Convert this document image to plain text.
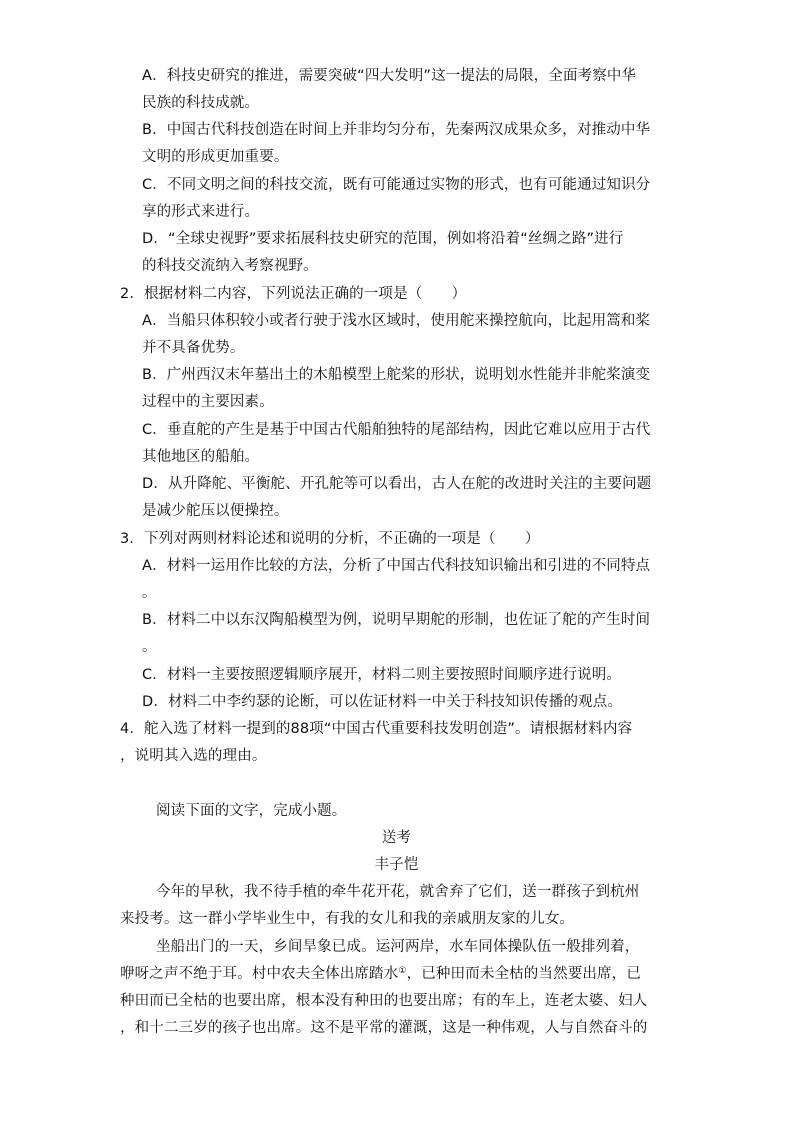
A．科技史研究的推进，需要突破“四大发明”这一提法的局限，全面考察中华
民族的科技成就。
B．中国古代科技创造在时间上并非均匀分布，先秦两汉成果众多，对推动中华
文明的形成更加重要。
C．不同文明之间的科技交流，既有可能通过实物的形式，也有可能通过知识分
享的形式来进行。
D．“全球史视野”要求拓展科技史研究的范围，例如将沿着“丝绸之路”进行
的科技交流纳入考察视野。
2．根据材料二内容，下列说法正确的一项是（　　）
A．当船只体积较小或者行驶于浅水区域时，使用舵来操控航向，比起用篙和桨
并不具备优势。
B．广州西汉末年墓出土的木船模型上舵桨的形状，说明划水性能并非舵桨演变
过程中的主要因素。
C．垂直舵的产生是基于中国古代船舶独特的尾部结构，因此它难以应用于古代
其他地区的船舶。
D．从升降舵、平衡舵、开孔舵等可以看出，古人在舵的改进时关注的主要问题
是减少舵压以便操控。
3．下列对两则材料论述和说明的分析，不正确的一项是（　　）
A．材料一运用作比较的方法，分析了中国古代科技知识输出和引进的不同特点
。
B．材料二中以东汉陶船模型为例，说明早期舵的形制，也佐证了舵的产生时间
。
C．材料一主要按照逻辑顺序展开，材料二则主要按照时间顺序进行说明。
D．材料二中李约瑟的论断，可以佐证材料一中关于科技知识传播的观点。
4．舵入选了材料一提到的88项“中国古代重要科技发明创造”。请根据材料内容
，说明其入选的理由。
阅读下面的文字，完成小题。
送考
丰子恺
今年的早秋，我不待手植的牵牛花开花，就舍弃了它们，送一群孩子到杭州
来投考。这一群小学毕业生中，有我的女儿和我的亲戚朋友家的儿女。
坐船出门的一天，乡间旱象已成。运河两岸，水车同体操队伍一般排列着，
咿呀之声不绝于耳。村中农夫全体出席踏水①，已种田而未全枯的当然要出席，已
种田而已全枯的也要出席，根本没有种田的也要出席；有的车上，连老太婆、妇人
，和十二三岁的孩子也出席。这不是平常的灌溉，这是一种伟观，人与自然奋斗的
